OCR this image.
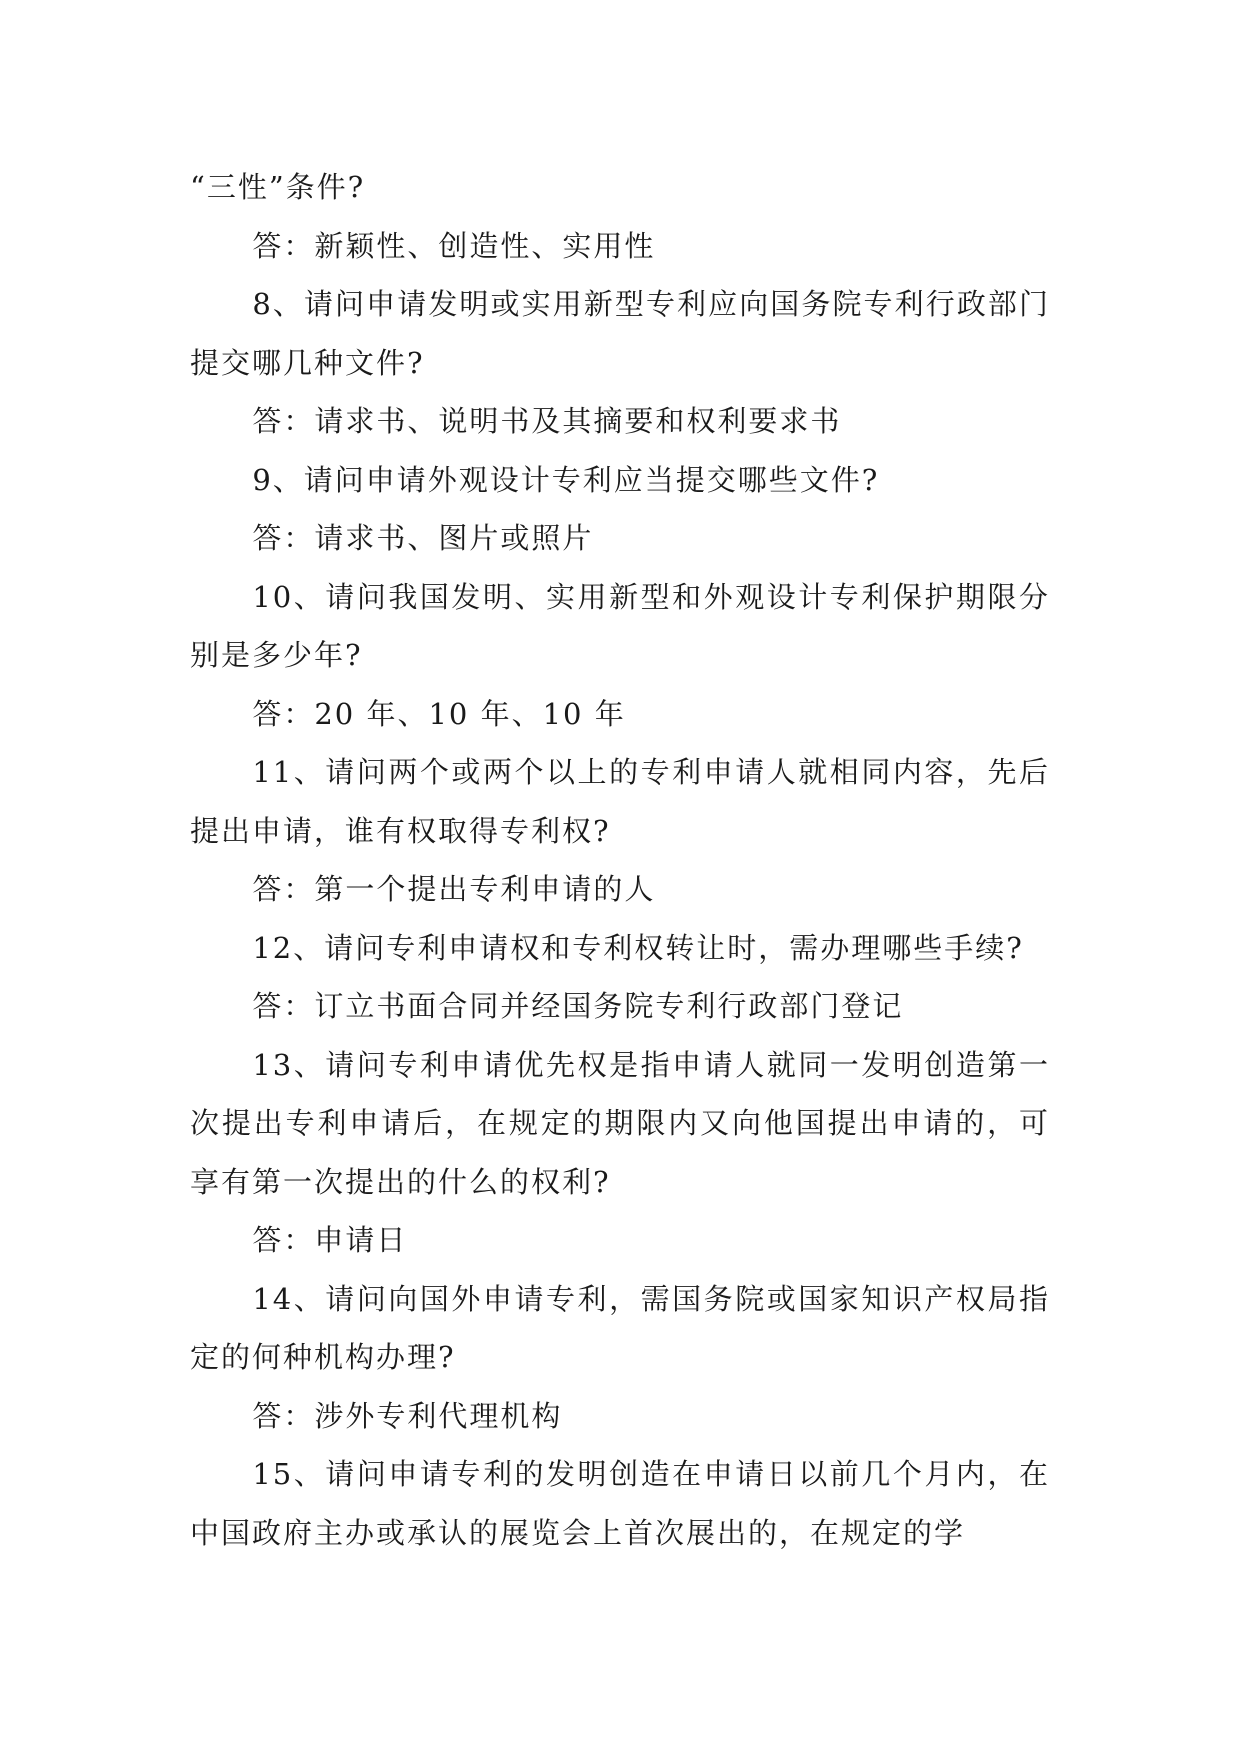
“三性”条件?

答：新颖性、创造性、实用性

8、请问申请发明或实用新型专利应向国务院专利行政部门提交哪几种文件?

答：请求书、说明书及其摘要和权利要求书

9、请问申请外观设计专利应当提交哪些文件?

答：请求书、图片或照片

10、请问我国发明、实用新型和外观设计专利保护期限分别是多少年?

答：20 年、10 年、10 年

11、请问两个或两个以上的专利申请人就相同内容，先后提出申请，谁有权取得专利权?

答：第一个提出专利申请的人

12、请问专利申请权和专利权转让时，需办理哪些手续?

答：订立书面合同并经国务院专利行政部门登记

13、请问专利申请优先权是指申请人就同一发明创造第一次提出专利申请后，在规定的期限内又向他国提出申请的，可享有第一次提出的什么的权利?

答：申请日

14、请问向国外申请专利，需国务院或国家知识产权局指定的何种机构办理?

答：涉外专利代理机构

15、请问申请专利的发明创造在申请日以前几个月内，在中国政府主办或承认的展览会上首次展出的，在规定的学
